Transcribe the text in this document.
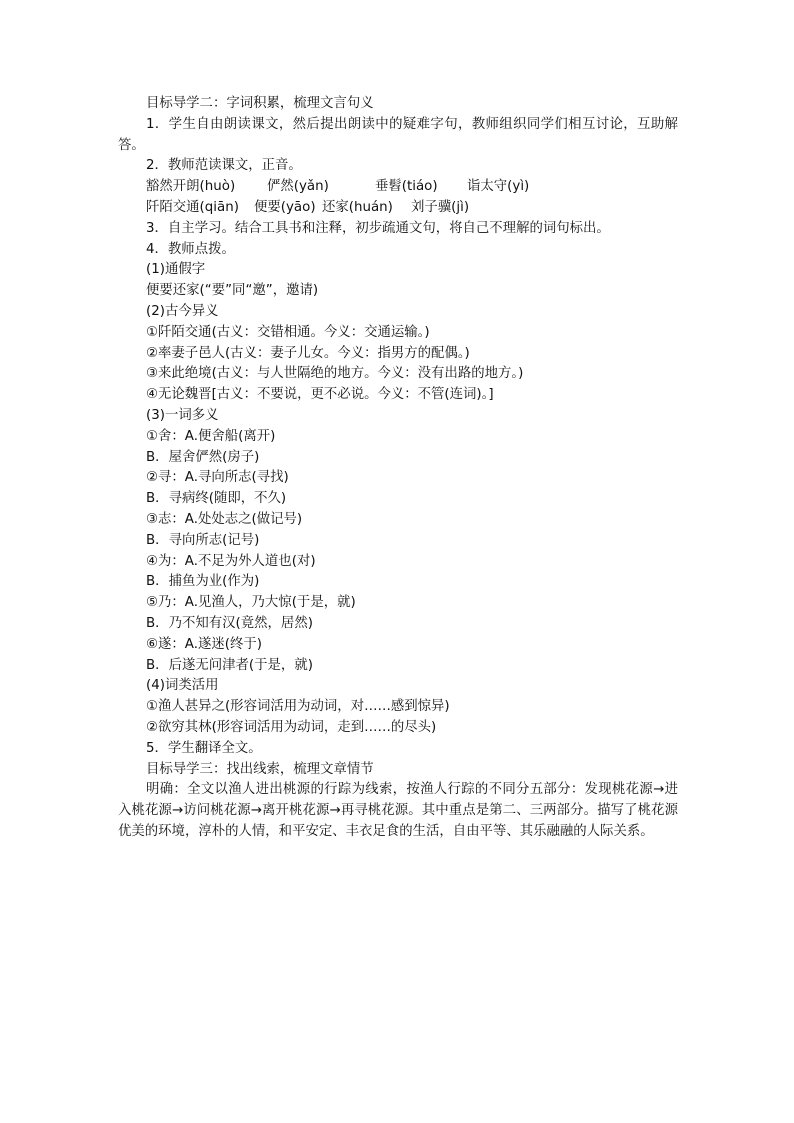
目标导学二：字词积累，梳理文言句义
1．学生自由朗读课文，然后提出朗读中的疑难字句，教师组织同学们相互讨论，互助解答。
2．教师范读课文，正音。
豁然开朗(huò) 俨然(yǎn)	垂髫(tiáo) 诣太守(yì)
阡陌交通(qiān) 便要(yāo) 还家(huán) 刘子骥(jì)
3．自主学习。结合工具书和注释，初步疏通文句，将自己不理解的词句标出。
4．教师点拨。
(1)通假字
便要还家(“要”同“邀”，邀请)
(2)古今异义
①阡陌交通(古义：交错相通。今义：交通运输。)
②率妻子邑人(古义：妻子儿女。今义：指男方的配偶。)
③来此绝境(古义：与人世隔绝的地方。今义：没有出路的地方。)
④无论魏晋[古义：不要说，更不必说。今义：不管(连词)。]
(3)一词多义
①舍：A.便舍船(离开)
B．屋舍俨然(房子)
②寻：A.寻向所志(寻找)
B．寻病终(随即，不久)
③志：A.处处志之(做记号)
B．寻向所志(记号)
④为：A.不足为外人道也(对)
B．捕鱼为业(作为)
⑤乃：A.见渔人，乃大惊(于是，就)
B．乃不知有汉(竟然，居然)
⑥遂：A.遂迷(终于)
B．后遂无问津者(于是，就)
(4)词类活用
①渔人甚异之(形容词活用为动词，对……感到惊异)
②欲穷其林(形容词活用为动词，走到……的尽头)
5．学生翻译全文。
目标导学三：找出线索，梳理文章情节
明确：全文以渔人进出桃源的行踪为线索，按渔人行踪的不同分五部分：发现桃花源→进入桃花源→访问桃花源→离开桃花源→再寻桃花源。其中重点是第二、三两部分。描写了桃花源优美的环境，淳朴的人情，和平安定、丰衣足食的生活，自由平等、其乐融融的人际关系。
